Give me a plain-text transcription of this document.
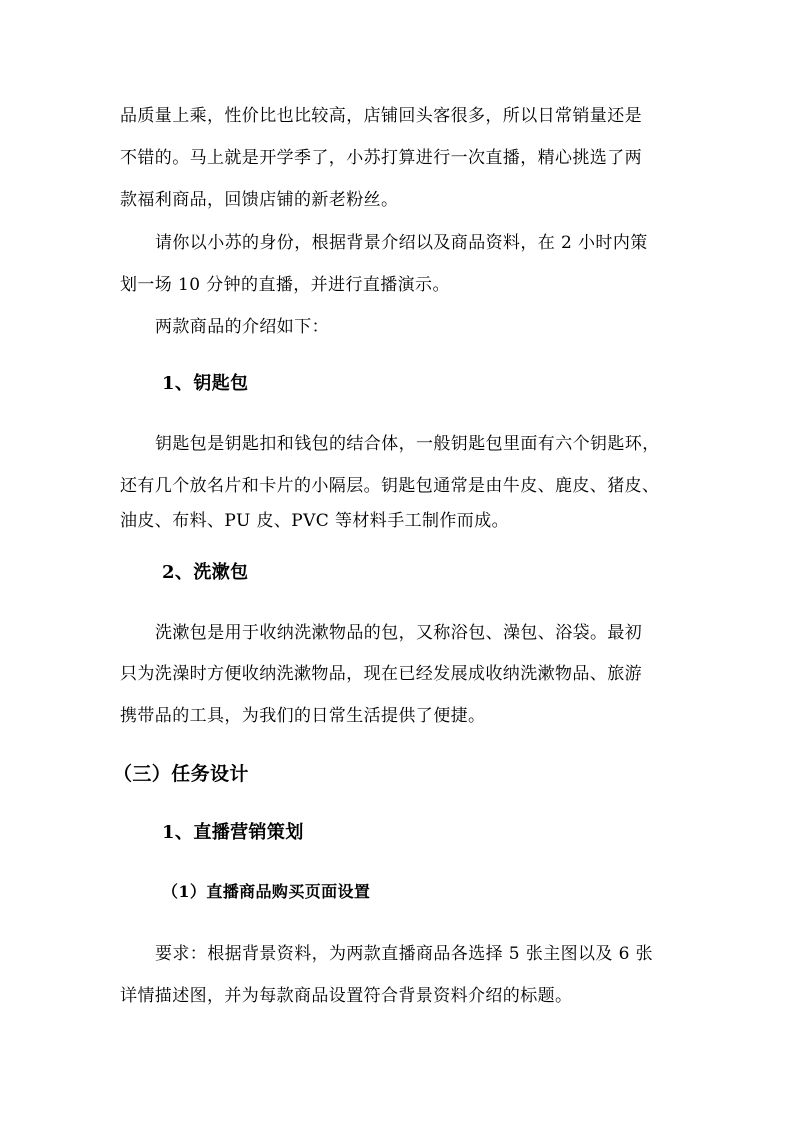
品质量上乘，性价比也比较高，店铺回头客很多，所以日常销量还是
不错的。马上就是开学季了，小苏打算进行一次直播，精心挑选了两
款福利商品，回馈店铺的新老粉丝。
请你以小苏的身份，根据背景介绍以及商品资料，在 2 小时内策
划一场 10 分钟的直播，并进行直播演示。
两款商品的介绍如下：
1、钥匙包
钥匙包是钥匙扣和钱包的结合体，一般钥匙包里面有六个钥匙环，
还有几个放名片和卡片的小隔层。钥匙包通常是由牛皮、鹿皮、猪皮、
油皮、布料、PU 皮、PVC 等材料手工制作而成。
2、洗漱包
洗漱包是用于收纳洗漱物品的包，又称浴包、澡包、浴袋。最初
只为洗澡时方便收纳洗漱物品，现在已经发展成收纳洗漱物品、旅游
携带品的工具，为我们的日常生活提供了便捷。
（三）任务设计
1、直播营销策划
（1）直播商品购买页面设置
要求：根据背景资料，为两款直播商品各选择 5 张主图以及 6 张
详情描述图，并为每款商品设置符合背景资料介绍的标题。
